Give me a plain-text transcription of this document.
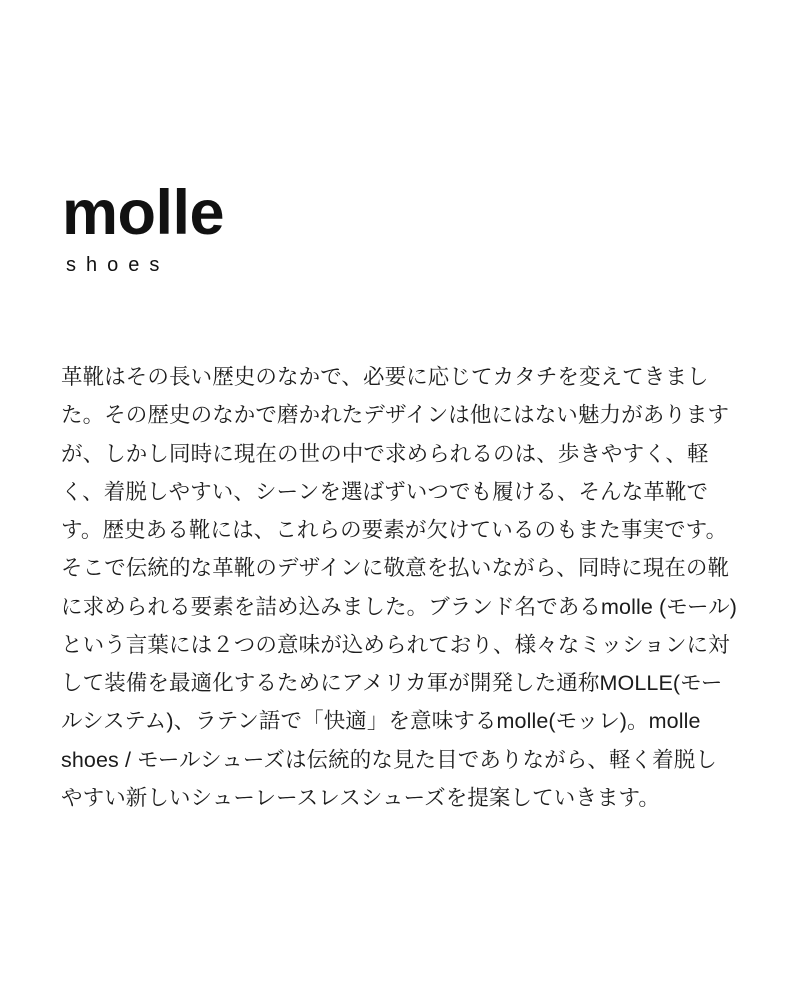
molle
shoes
革靴はその長い歴史のなかで、必要に応じてカタチを変えてきました。その歴史のなかで磨かれたデザインは他にはない魅力がありますが、しかし同時に現在の世の中で求められるのは、歩きやすく、軽く、着脱しやすい、シーンを選ばずいつでも履ける、そんな革靴です。歴史ある靴には、これらの要素が欠けているのもまた事実です。そこで伝統的な革靴のデザインに敬意を払いながら、同時に現在の靴に求められる要素を詰め込みました。ブランド名であるmolle (モール)という言葉には２つの意味が込められており、様々なミッションに対して装備を最適化するためにアメリカ軍が開発した通称MOLLE(モールシステム)、ラテン語で「快適」を意味するmolle(モッレ)。molle shoes / モールシューズは伝統的な見た目でありながら、軽く着脱しやすい新しいシューレースレスシューズを提案していきます。
